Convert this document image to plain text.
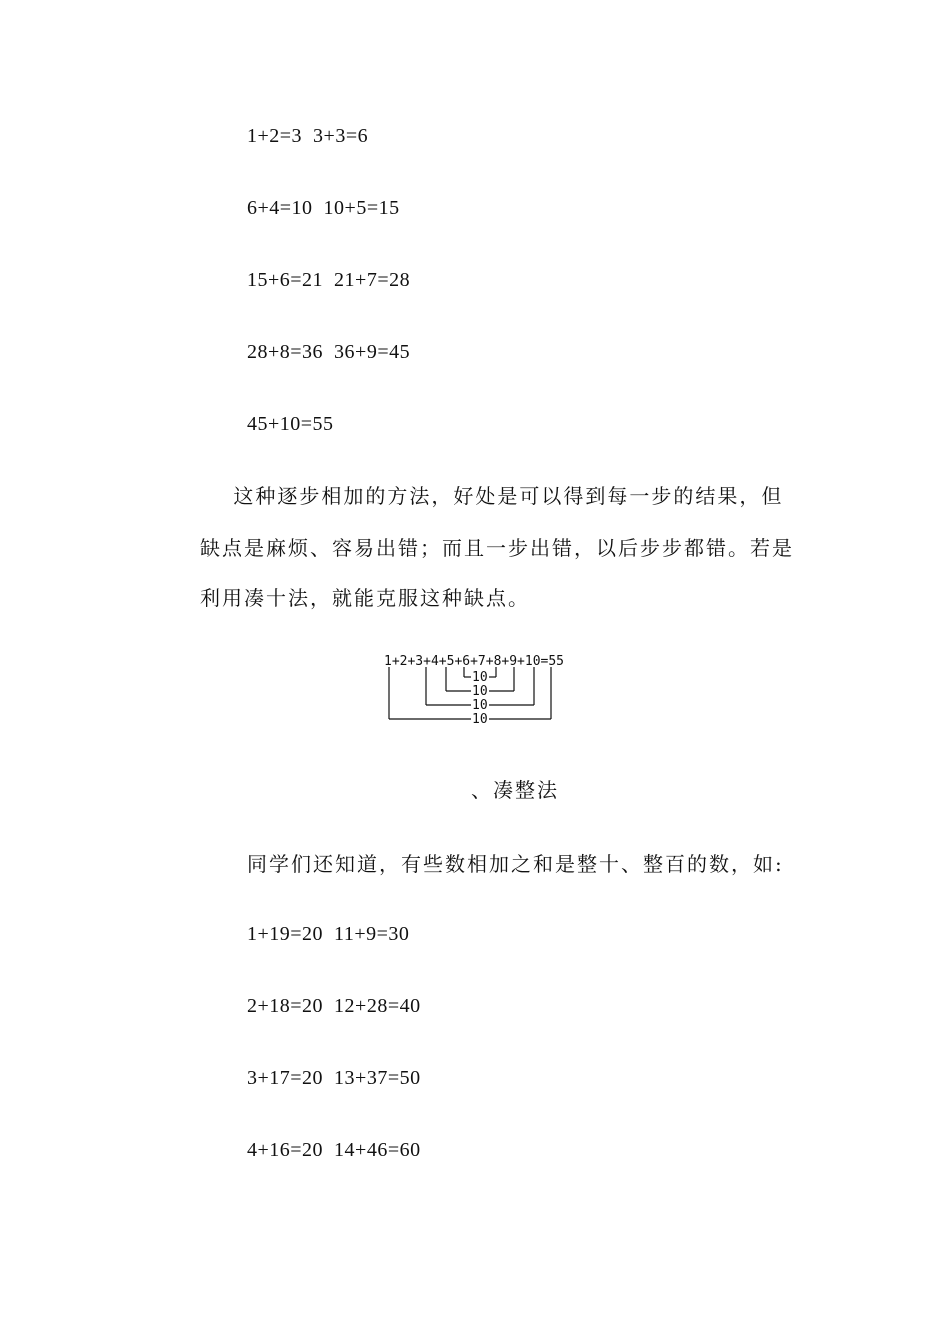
1+2=3  3+3=6
6+4=10  10+5=15
15+6=21  21+7=28
28+8=36  36+9=45
45+10=55
这种逐步相加的方法，好处是可以得到每一步的结果，但
缺点是麻烦、容易出错；而且一步出错，以后步步都错。若是
利用凑十法，就能克服这种缺点。
1+2+3+4+5+6+7+8+9+10=55
10
10
10
10
、凑整法
同学们还知道，有些数相加之和是整十、整百的数，如:
1+19=20  11+9=30
2+18=20  12+28=40
3+17=20  13+37=50
4+16=20  14+46=60
